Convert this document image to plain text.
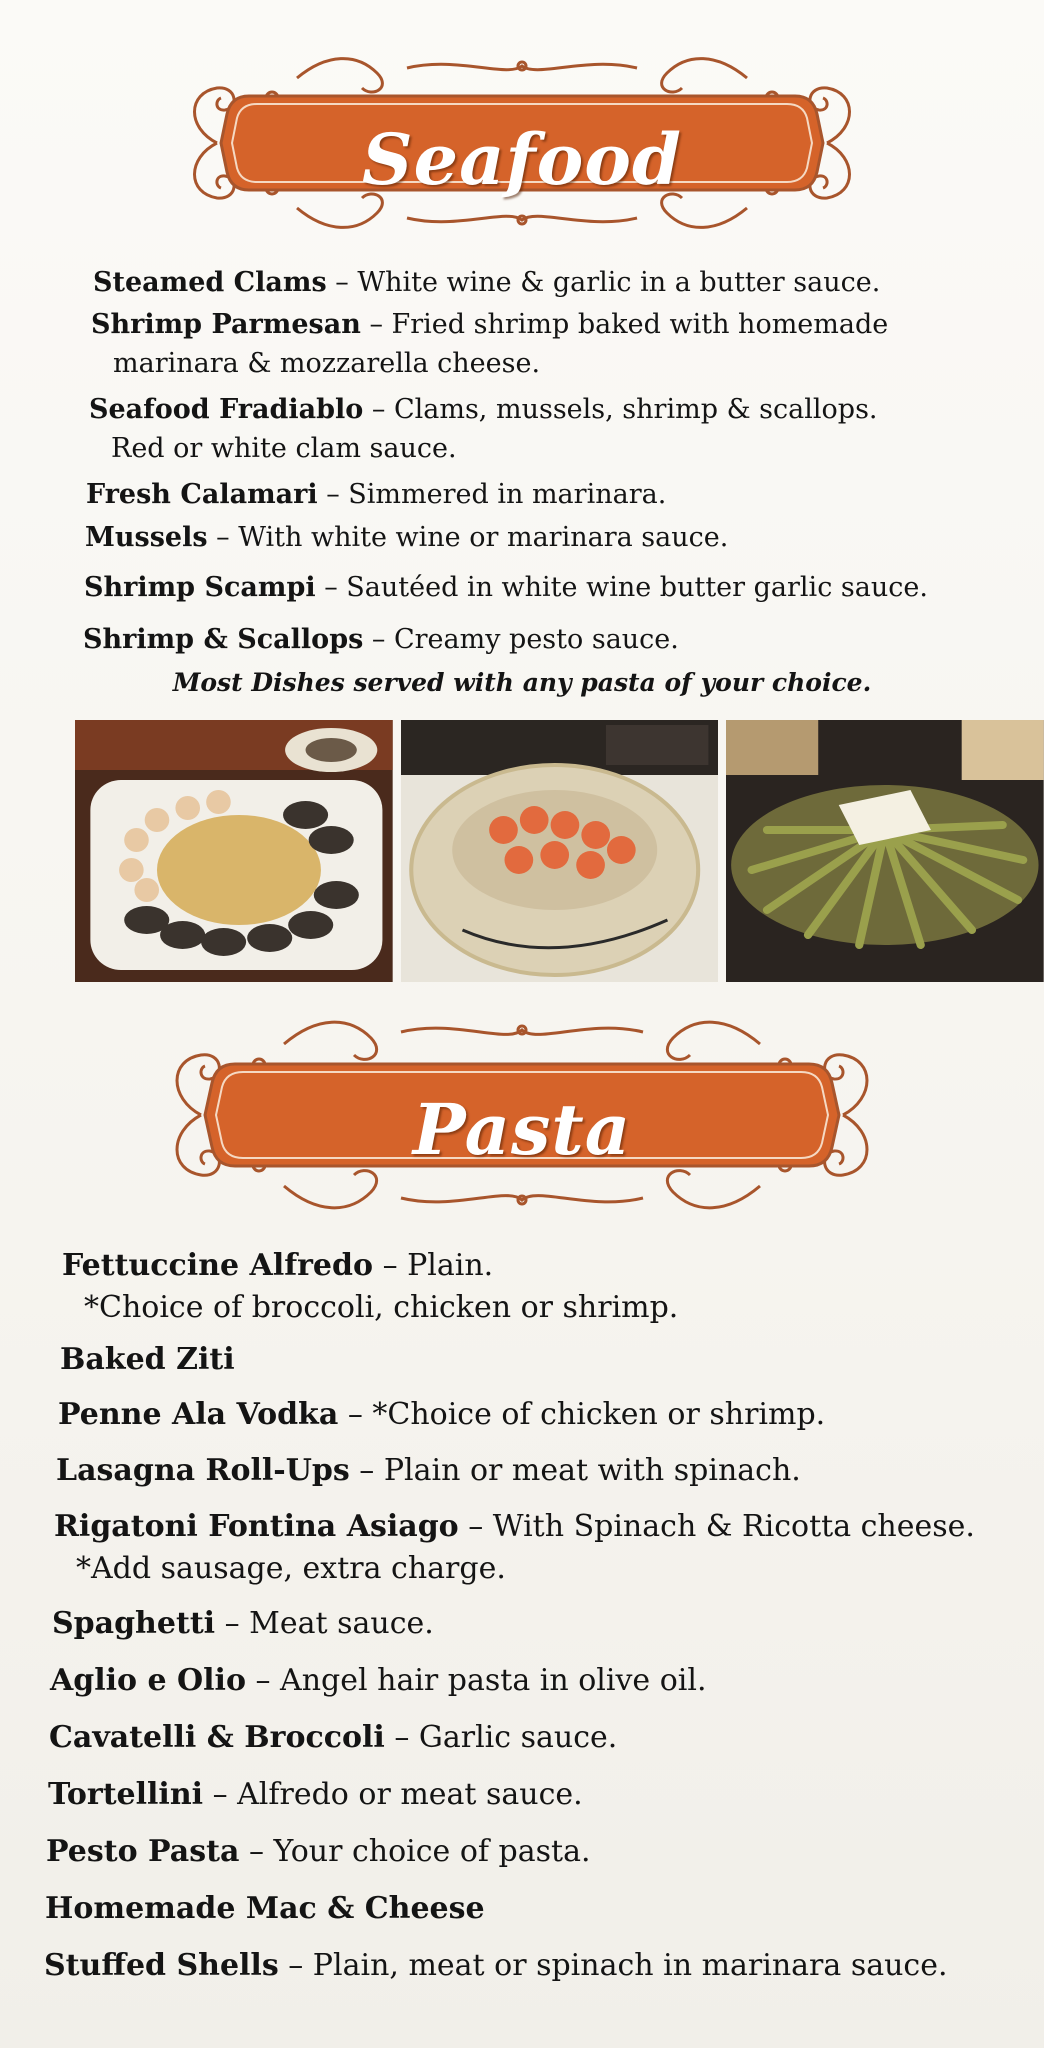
Seafood
Steamed Clams – White wine & garlic in a butter sauce.
Shrimp Parmesan – Fried shrimp baked with homemade
marinara & mozzarella cheese.
Seafood Fradiablo – Clams, mussels, shrimp & scallops.
Red or white clam sauce.
Fresh Calamari – Simmered in marinara.
Mussels – With white wine or marinara sauce.
Shrimp Scampi – Sautéed in white wine butter garlic sauce.
Shrimp & Scallops – Creamy pesto sauce.
Most Dishes served with any pasta of your choice.
Pasta
Fettuccine Alfredo – Plain.
*Choice of broccoli, chicken or shrimp.
Baked Ziti
Penne Ala Vodka – *Choice of chicken or shrimp.
Lasagna Roll-Ups – Plain or meat with spinach.
Rigatoni Fontina Asiago – With Spinach & Ricotta cheese.
*Add sausage, extra charge.
Spaghetti – Meat sauce.
Aglio e Olio – Angel hair pasta in olive oil.
Cavatelli & Broccoli – Garlic sauce.
Tortellini – Alfredo or meat sauce.
Pesto Pasta – Your choice of pasta.
Homemade Mac & Cheese
Stuffed Shells – Plain, meat or spinach in marinara sauce.
